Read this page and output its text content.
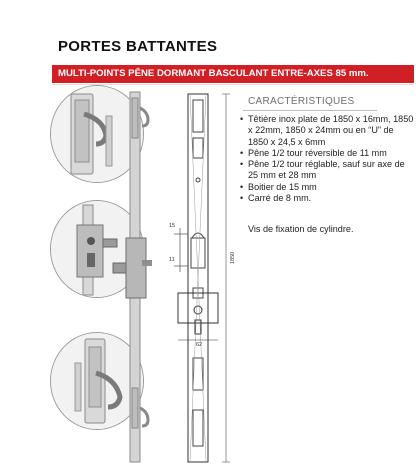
PORTES BATTANTES
MULTI-POINTS PÊNE DORMANT BASCULANT ENTRE-AXES 85 mm.
15
11	1850
62
CARACTÉRISTIQUES
• Têtière inox plate de 1850 x 16mm, 1850 x 22mm, 1850 x 24mm ou en “U” de 1850 x 24,5 x 6mm
• Pêne 1/2 tour réversible de 11 mm
• Pêne 1/2 tour réglable, sauf sur axe de 25 mm et 28 mm
• Boitier de 15 mm
• Carré de 8 mm.
Vis de fixation de cylindre.
